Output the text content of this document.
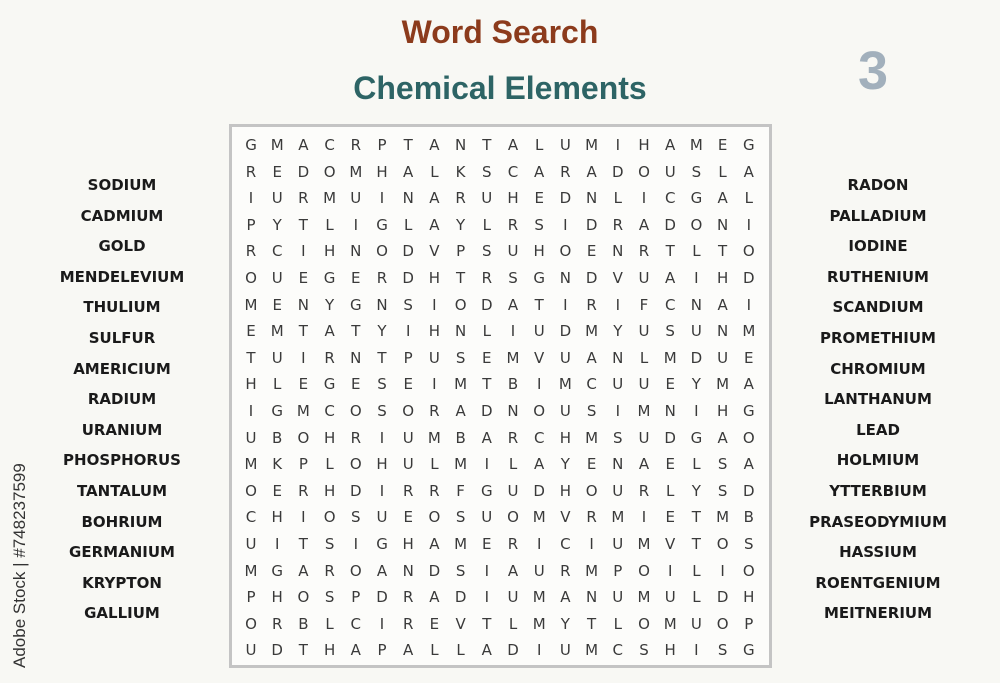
Word Search
Chemical Elements	3
Adobe Stock | #748237599
SODIUM
CADMIUM
GOLD
MENDELEVIUM
THULIUM
SULFUR
AMERICIUM
RADIUM
URANIUM
PHOSPHORUS
TANTALUM
BOHRIUM
GERMANIUM
KRYPTON
GALLIUM
RADON
PALLADIUM
IODINE
RUTHENIUM
SCANDIUM
PROMETHIUM
CHROMIUM
LANTHANUM
LEAD
HOLMIUM
YTTERBIUM
PRASEODYMIUM
HASSIUM
ROENTGENIUM
MEITNERIUM
G M A	C	R	P	T	A	N	T	A	L	U M	I	H	A M E	G
R	E	D O M H	A	L	K	S	C	A	R	A	D O U	S	L	A
I	U	R M U	I	N	A	R	U	H	E	D N	L	I	C	G	A	L
P	Y	T	L	I	G	L	A	Y	L	R	S	I	D	R	A	D O N	I
R	C	I	H N O D	V	P	S	U	H O	E	N	R	T	L	T	O
O U	E	G	E	R	D H	T	R	S	G N D	V	U	A	I	H D
M E	N	Y	G N	S	I	O D	A	T	I	R	I	F	C	N	A	I
E M	T	A	T	Y	I	H N	L	I	U D M	Y	U	S	U	N M
T	U	I	R	N	T	P	U	S	E M V	U	A	N	L	M D U	E
H	L	E	G	E	S	E	I	M	T	B	I	M C	U	U	E	Y	M A
I	G M C	O	S	O	R	A	D N O U	S	I	M N	I	H G
U	B	O H	R	I	U M B	A	R	C	H M S	U D G	A	O
M K	P	L	O H	U	L	M	I	L	A	Y	E	N	A	E	L	S	A
O	E	R	H D	I	R	R	F	G U D H O U	R	L	Y	S	D
C	H	I	O	S	U	E	O	S	U O M V	R M	I	E	T	M B
U	I	T	S	I	G H	A M E	R	I	C	I	U M V	T	O	S
M G	A	R	O	A	N D	S	I	A	U	R M	P	O	I	L	I	O
P	H O	S	P	D	R	A	D	I	U M A	N	U M U	L	D H
O	R	B	L	C	I	R	E	V	T	L	M	Y	T	L	O M U O	P
U D	T	H	A	P	A	L	L	A	D	I	U M C	S	H	I	S	G
